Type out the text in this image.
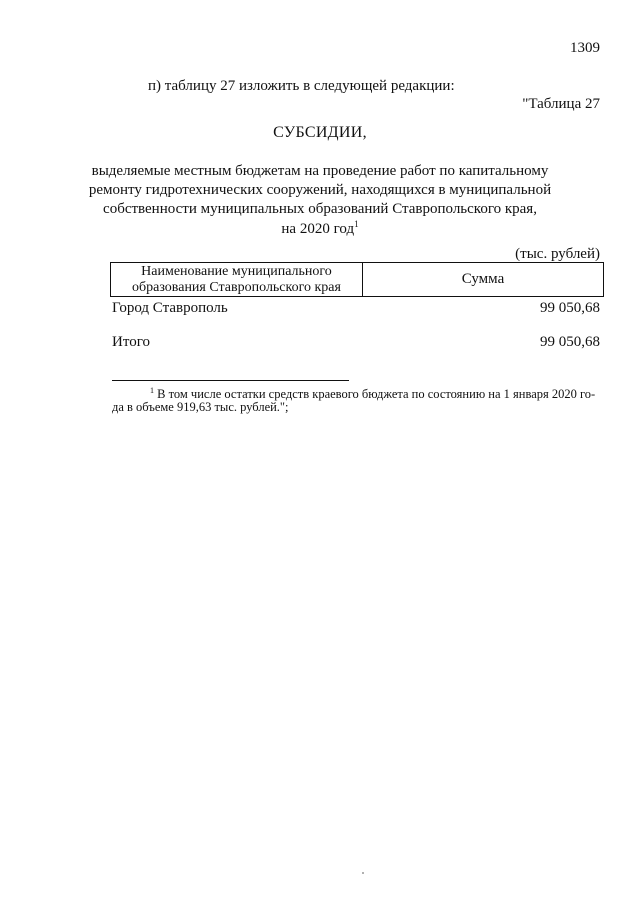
1309
п) таблицу 27 изложить в следующей редакции:
"Таблица 27
СУБСИДИИ,
выделяемые местным бюджетам на проведение работ по капитальному
ремонту гидротехнических сооружений, находящихся в муниципальной
собственности муниципальных образований Ставропольского края,
на 2020 год$^1$
(тыс. рублей)
Наименование муниципального
образования Ставропольского края
Сумма
Город Ставрополь	99 050,68
Итого	99 050,68
$^1$ В том числе остатки средств краевого бюджета по состоянию на 1 января 2020 го-
да в объеме 919,63 тыс. рублей.";
